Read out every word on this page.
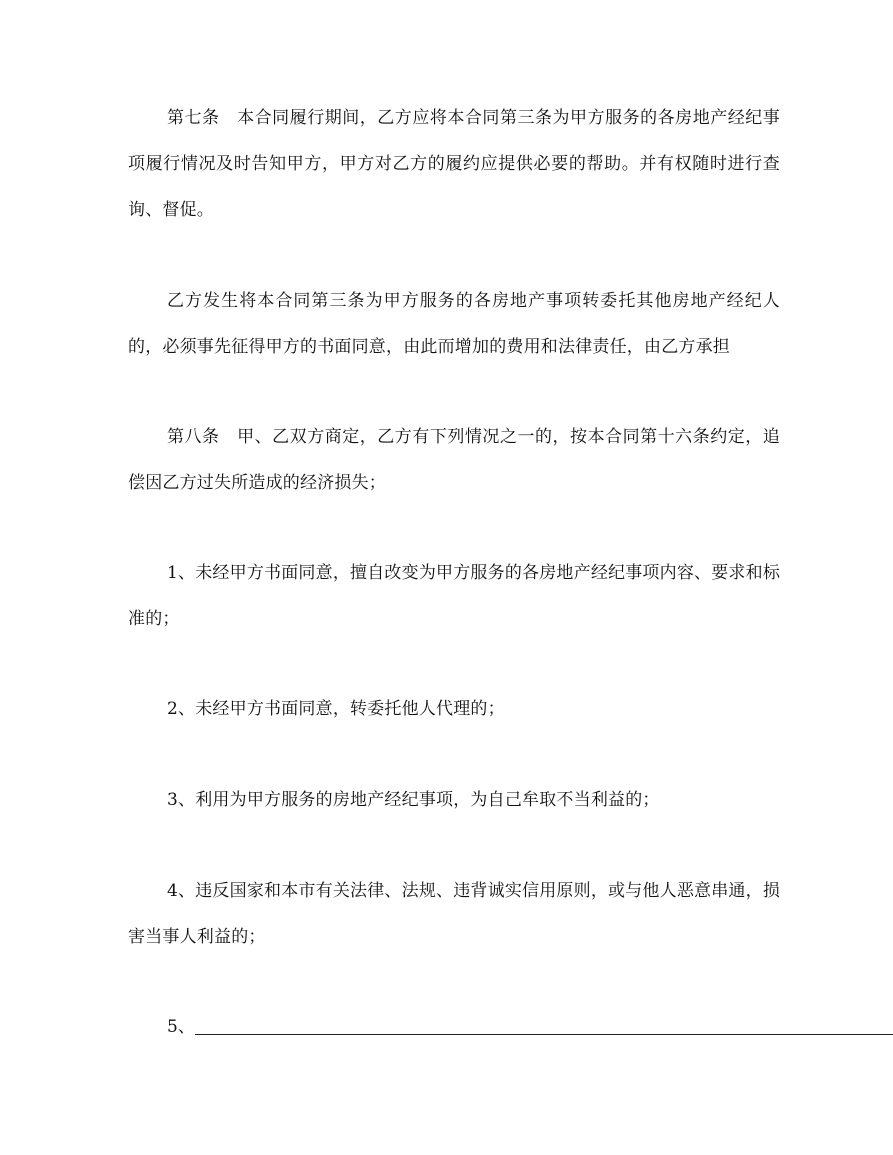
第七条　本合同履行期间，乙方应将本合同第三条为甲方服务的各房地产经纪事项履行情况及时告知甲方，甲方对乙方的履约应提供必要的帮助。并有权随时进行查询、督促。

乙方发生将本合同第三条为甲方服务的各房地产事项转委托其他房地产经纪人的，必须事先征得甲方的书面同意，由此而增加的费用和法律责任，由乙方承担

第八条　甲、乙双方商定，乙方有下列情况之一的，按本合同第十六条约定，追偿因乙方过失所造成的经济损失；

1、未经甲方书面同意，擅自改变为甲方服务的各房地产经纪事项内容、要求和标准的；

2、未经甲方书面同意，转委托他人代理的；

3、利用为甲方服务的房地产经纪事项，为自己牟取不当利益的；

4、违反国家和本市有关法律、法规、违背诚实信用原则，或与他人恶意串通，损害当事人利益的；

5、
